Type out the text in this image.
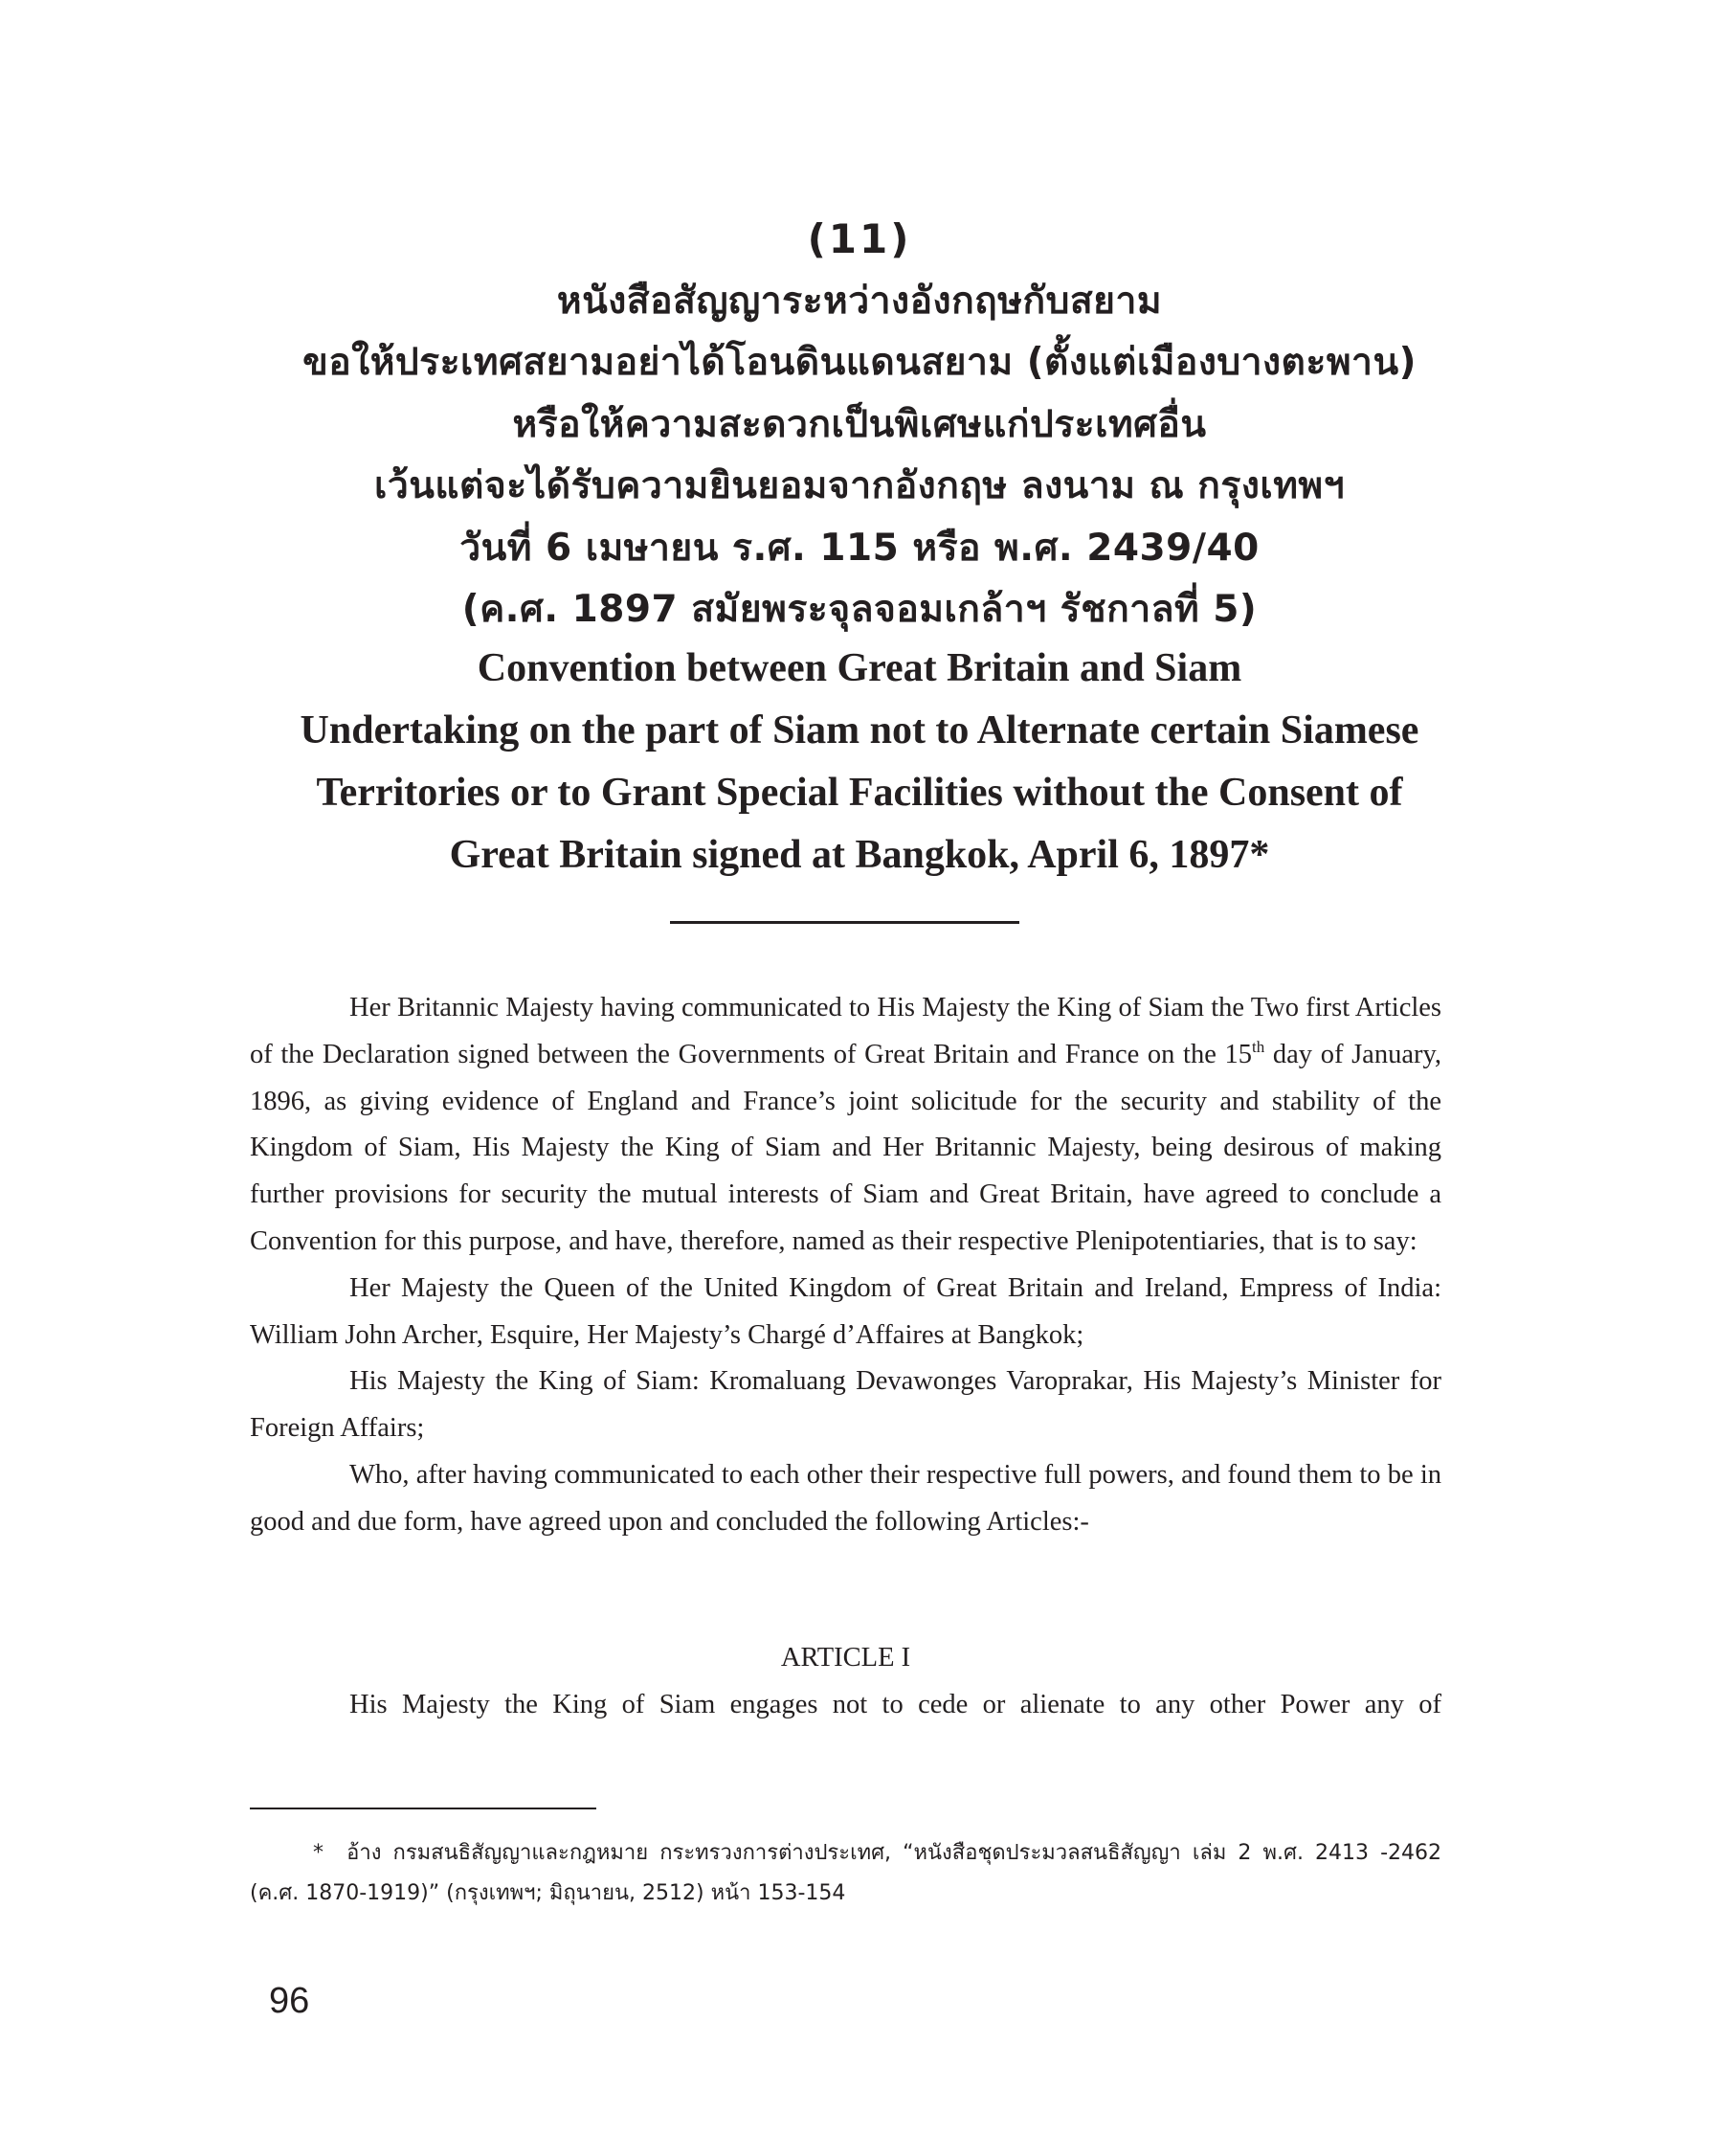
(11)
หนังสือสัญญาระหว่างอังกฤษกับสยาม
ขอให้ประเทศสยามอย่าได้โอนดินแดนสยาม (ตั้งแต่เมืองบางตะพาน)
หรือให้ความสะดวกเป็นพิเศษแก่ประเทศอื่น
เว้นแต่จะได้รับความยินยอมจากอังกฤษ ลงนาม ณ กรุงเทพฯ
วันที่ 6 เมษายน ร.ศ. 115 หรือ พ.ศ. 2439/40
(ค.ศ. 1897 สมัยพระจุลจอมเกล้าฯ รัชกาลที่ 5)
Convention between Great Britain and Siam
Undertaking on the part of Siam not to Alternate certain Siamese
Territories or to Grant Special Facilities without the Consent of
Great Britain signed at Bangkok, April 6, 1897*

Her Britannic Majesty having communicated to His Majesty the King of Siam the Two first Articles of the Declaration signed between the Governments of Great Britain and France on the 15th day of January, 1896, as giving evidence of England and France’s joint solicitude for the security and stability of the Kingdom of Siam, His Majesty the King of Siam and Her Britannic Majesty, being desirous of making further provisions for security the mutual interests of Siam and Great Britain, have agreed to conclude a Convention for this purpose, and have, therefore, named as their respective Plenipotentiaries, that is to say:

Her Majesty the Queen of the United Kingdom of Great Britain and Ireland, Empress of India: William John Archer, Esquire, Her Majesty’s Chargé d’Affaires at Bangkok;

His Majesty the King of Siam: Kromaluang Devawonges Varoprakar, His Majesty’s Minister for Foreign Affairs;

Who, after having communicated to each other their respective full powers, and found them to be in good and due form, have agreed upon and concluded the following Articles:-

ARTICLE I
His Majesty the King of Siam engages not to cede or alienate to any other Power any of
* อ้าง กรมสนธิสัญญาและกฎหมาย กระทรวงการต่างประเทศ, “หนังสือชุดประมวลสนธิสัญญา เล่ม 2 พ.ศ. 2413 -2462 (ค.ศ. 1870-1919)” (กรุงเทพฯ; มิถุนายน, 2512) หน้า 153-154
96
